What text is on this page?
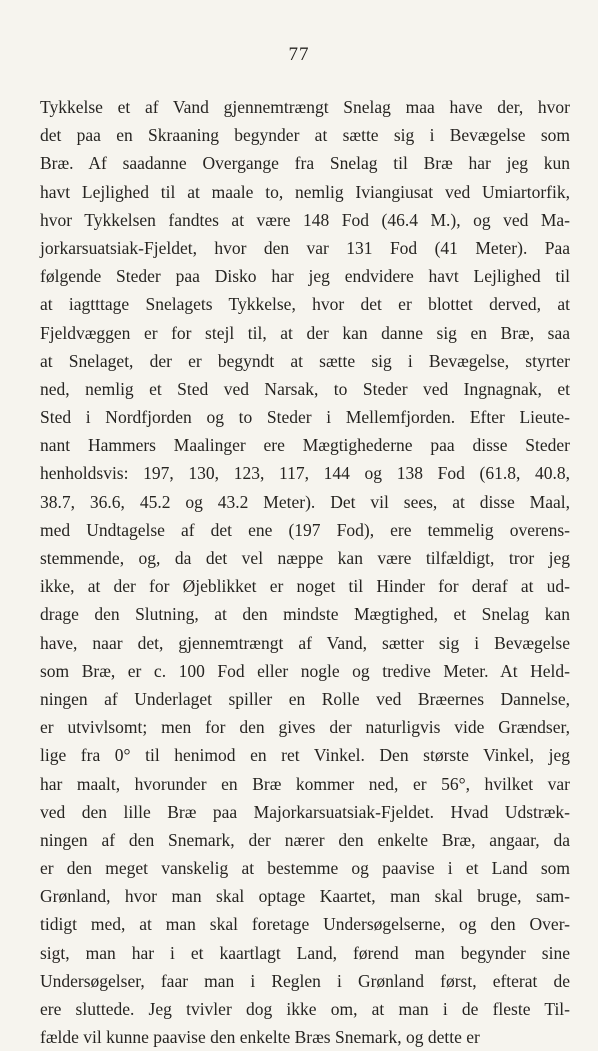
77
Tykkelse et af Vand gjennemtrængt Snelag maa have der, hvor
det paa en Skraaning begynder at sætte sig i Bevægelse som
Bræ. Af saadanne Overgange fra Snelag til Bræ har jeg kun
havt Lejlighed til at maale to, nemlig Iviangiusat ved Umiartorfik,
hvor Tykkelsen fandtes at være 148 Fod (46.4 M.), og ved Ma-
jorkarsuatsiak-Fjeldet, hvor den var 131 Fod (41 Meter). Paa
følgende Steder paa Disko har jeg endvidere havt Lejlighed til
at iagtttage Snelagets Tykkelse, hvor det er blottet derved, at
Fjeldvæggen er for stejl til, at der kan danne sig en Bræ, saa
at Snelaget, der er begyndt at sætte sig i Bevægelse, styrter
ned, nemlig et Sted ved Narsak, to Steder ved Ingnagnak, et
Sted i Nordfjorden og to Steder i Mellemfjorden. Efter Lieute-
nant Hammers Maalinger ere Mægtighederne paa disse Steder
henholdsvis: 197, 130, 123, 117, 144 og 138 Fod (61.8, 40.8,
38.7, 36.6, 45.2 og 43.2 Meter). Det vil sees, at disse Maal,
med Undtagelse af det ene (197 Fod), ere temmelig overens-
stemmende, og, da det vel næppe kan være tilfældigt, tror jeg
ikke, at der for Øjeblikket er noget til Hinder for deraf at ud-
drage den Slutning, at den mindste Mægtighed, et Snelag kan
have, naar det, gjennemtrængt af Vand, sætter sig i Bevægelse
som Bræ, er c. 100 Fod eller nogle og tredive Meter. At Held-
ningen af Underlaget spiller en Rolle ved Bræernes Dannelse,
er utvivlsomt; men for den gives der naturligvis vide Grændser,
lige fra 0° til henimod en ret Vinkel. Den største Vinkel, jeg
har maalt, hvorunder en Bræ kommer ned, er 56°, hvilket var
ved den lille Bræ paa Majorkarsuatsiak-Fjeldet. Hvad Udstræk-
ningen af den Snemark, der nærer den enkelte Bræ, angaar, da
er den meget vanskelig at bestemme og paavise i et Land som
Grønland, hvor man skal optage Kaartet, man skal bruge, sam-
tidigt med, at man skal foretage Undersøgelserne, og den Over-
sigt, man har i et kaartlagt Land, førend man begynder sine
Undersøgelser, faar man i Reglen i Grønland først, efterat de
ere sluttede. Jeg tvivler dog ikke om, at man i de fleste Til-
fælde vil kunne paavise den enkelte Bræs Snemark, og dette er
